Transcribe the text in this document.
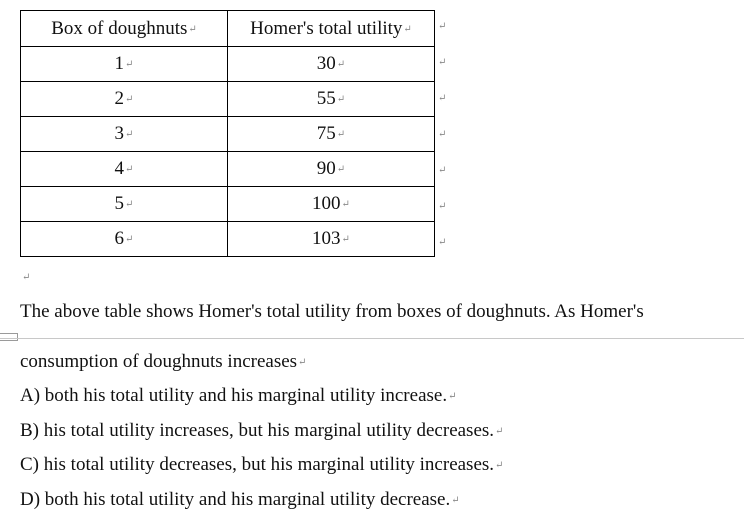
Box of doughnuts↵	Homer's total utility↵
1↵	30↵
2↵	55↵
3↵	75↵
4↵	90↵
5↵	100↵
6↵	103↵
↵
↵
↵
↵
↵
↵
↵
↵
The above table shows Homer's total utility from boxes of doughnuts. As Homer's
consumption of doughnuts increases↵
A) both his total utility and his marginal utility increase.↵
B) his total utility increases, but his marginal utility decreases.↵
C) his total utility decreases, but his marginal utility increases.↵
D) both his total utility and his marginal utility decrease.↵
